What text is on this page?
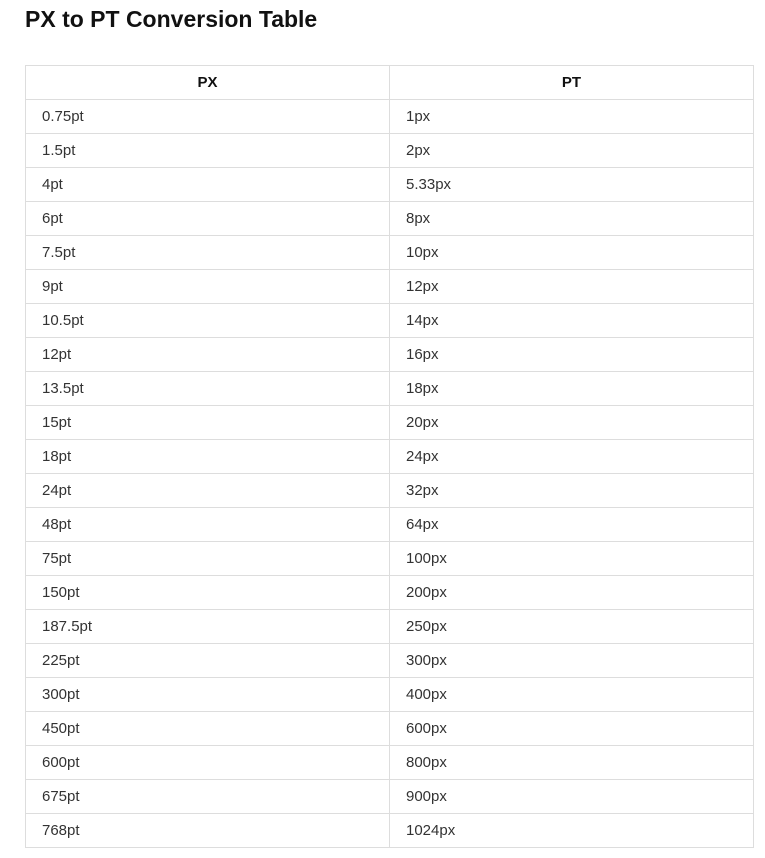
PX to PT Conversion Table
PX	PT
0.75pt	1px
1.5pt	2px
4pt	5.33px
6pt	8px
7.5pt	10px
9pt	12px
10.5pt	14px
12pt	16px
13.5pt	18px
15pt	20px
18pt	24px
24pt	32px
48pt	64px
75pt	100px
150pt	200px
187.5pt	250px
225pt	300px
300pt	400px
450pt	600px
600pt	800px
675pt	900px
768pt	1024px
